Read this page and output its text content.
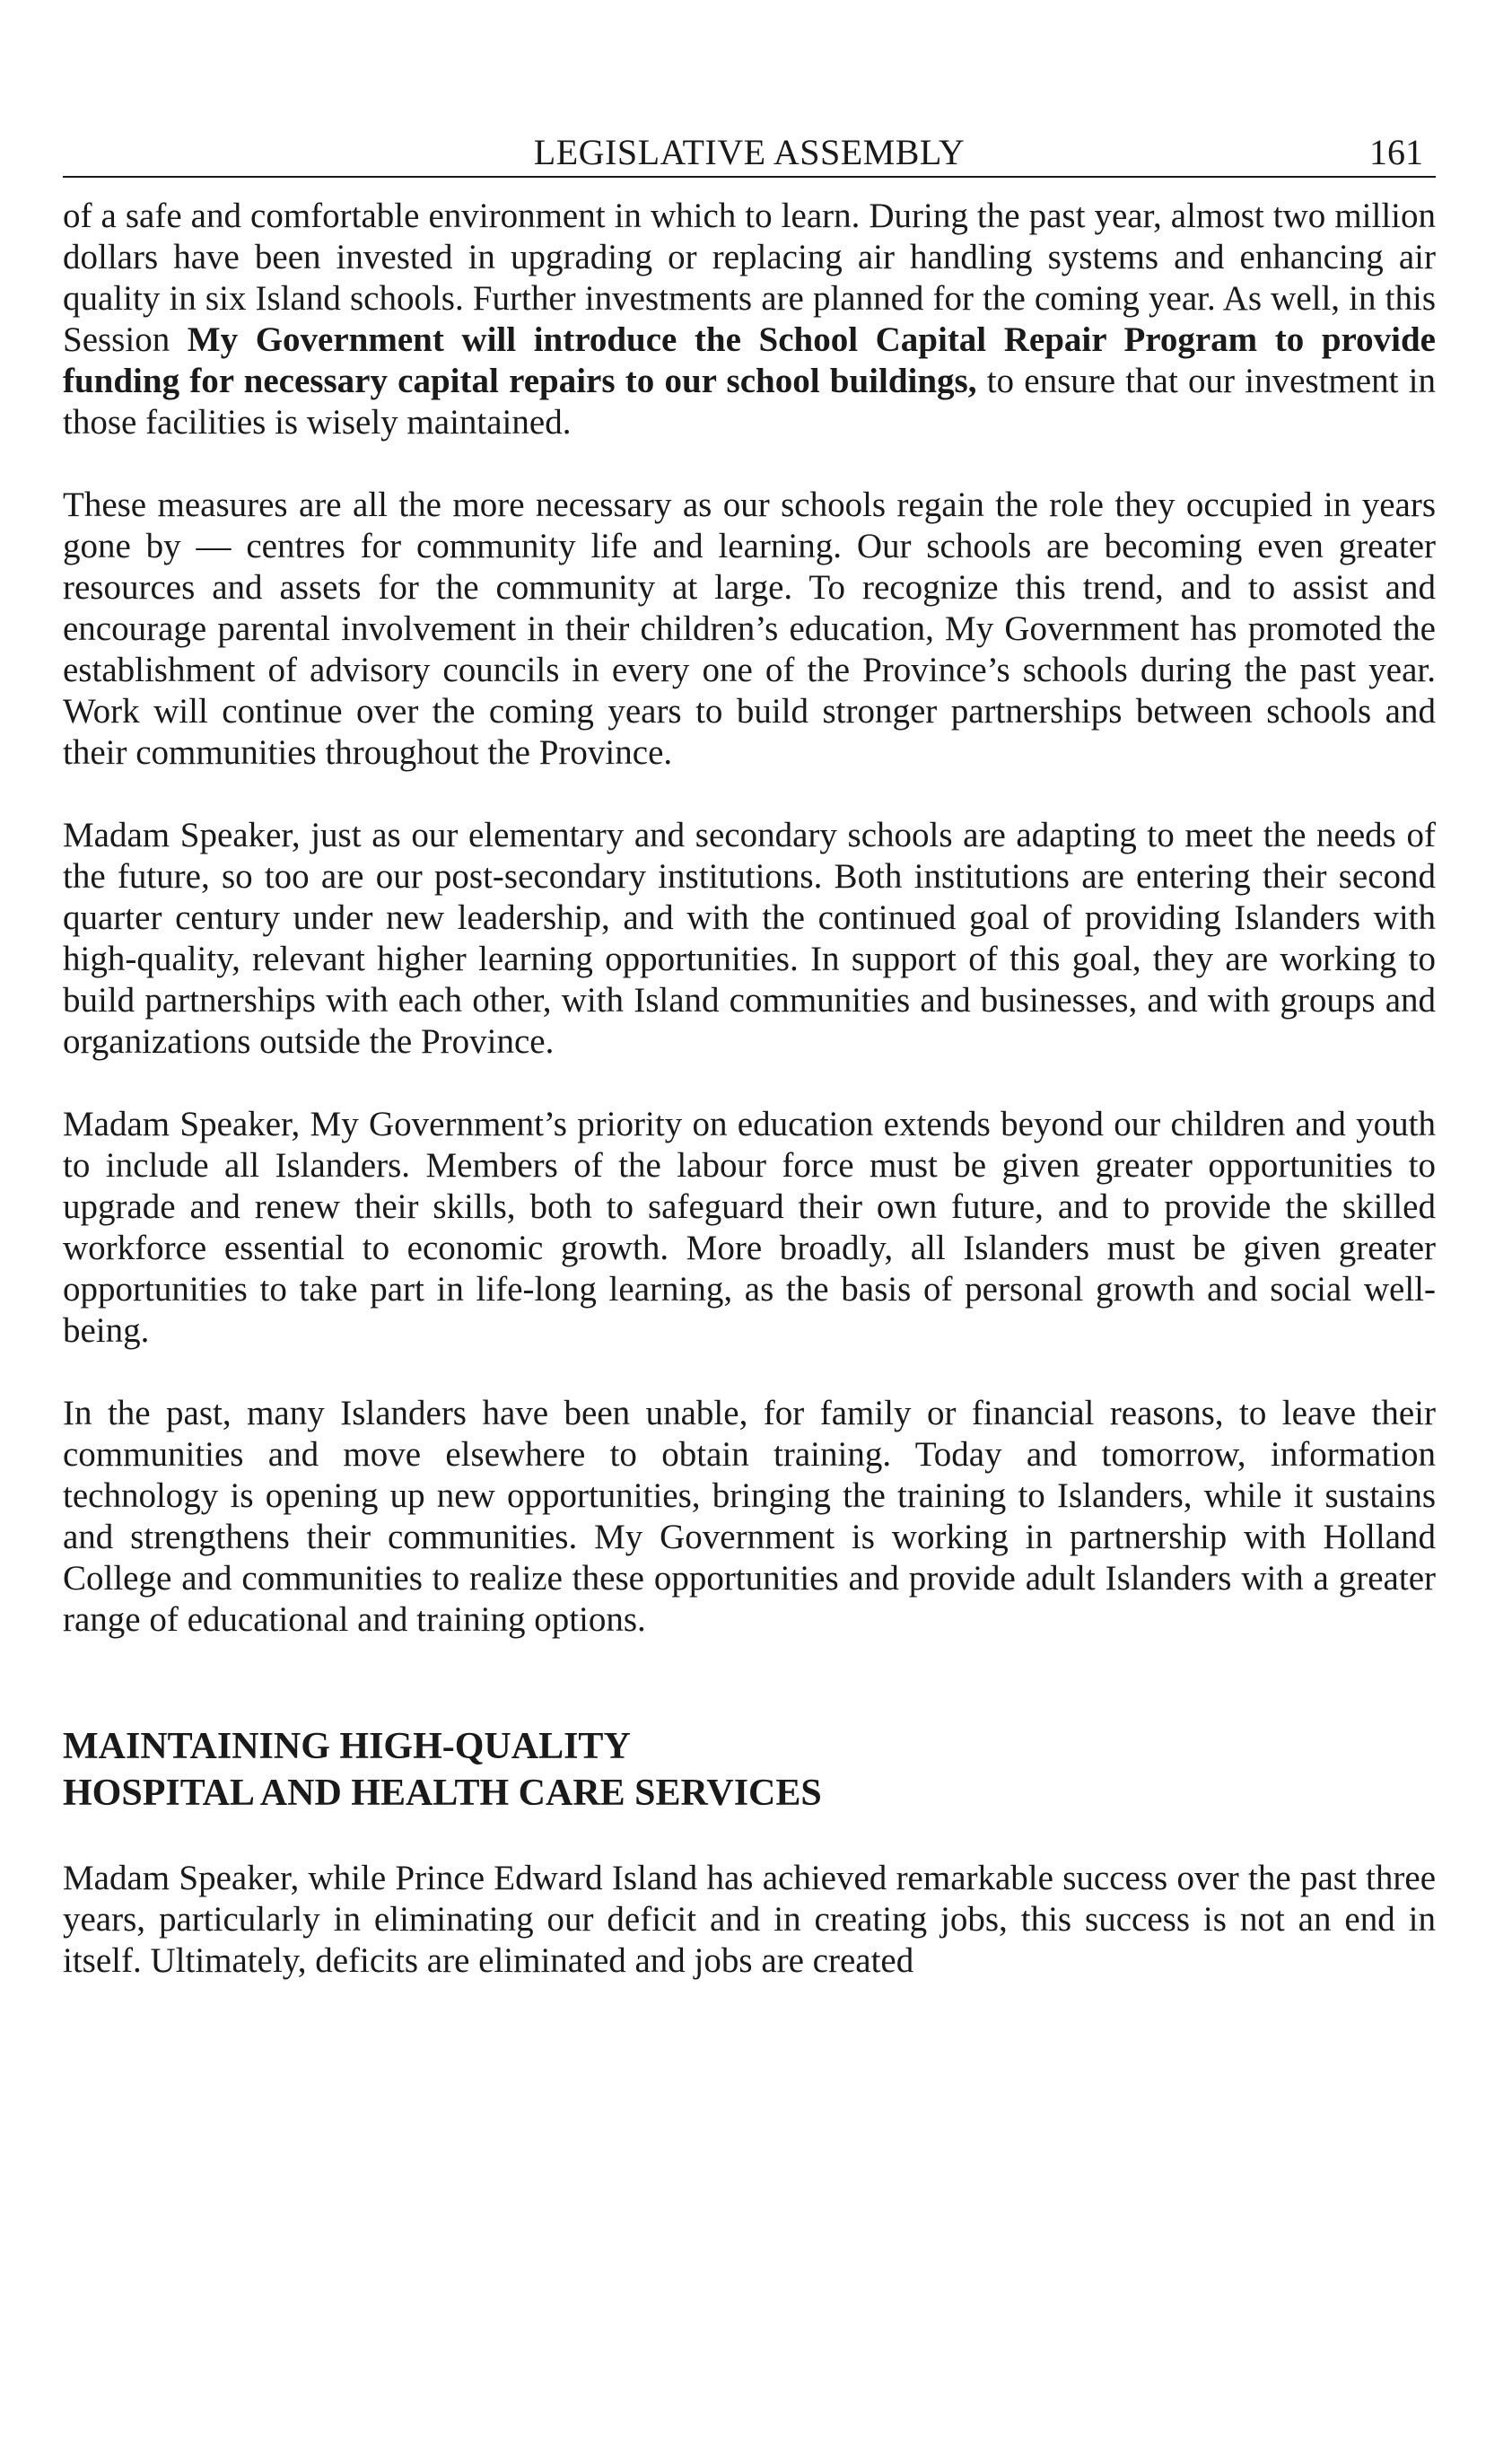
LEGISLATIVE ASSEMBLY	161

of a safe and comfortable environment in which to learn. During the past year, almost two million dollars have been invested in upgrading or replacing air handling systems and enhancing air quality in six Island schools. Further investments are planned for the coming year. As well, in this Session My Government will introduce the School Capital Repair Program to provide funding for necessary capital repairs to our school buildings, to ensure that our investment in those facilities is wisely maintained.

These measures are all the more necessary as our schools regain the role they occupied in years gone by — centres for community life and learning. Our schools are becoming even greater resources and assets for the community at large. To recognize this trend, and to assist and encourage parental involvement in their children’s education, My Government has promoted the establishment of advisory councils in every one of the Province’s schools during the past year. Work will continue over the coming years to build stronger partnerships between schools and their communities throughout the Province.

Madam Speaker, just as our elementary and secondary schools are adapting to meet the needs of the future, so too are our post-secondary institutions. Both institutions are entering their second quarter century under new leadership, and with the continued goal of providing Islanders with high-quality, relevant higher learning opportunities. In support of this goal, they are working to build partnerships with each other, with Island communities and businesses, and with groups and organizations outside the Province.

Madam Speaker, My Government’s priority on education extends beyond our children and youth to include all Islanders. Members of the labour force must be given greater opportunities to upgrade and renew their skills, both to safeguard their own future, and to provide the skilled workforce essential to economic growth. More broadly, all Islanders must be given greater opportunities to take part in life-long learning, as the basis of personal growth and social well-being.

In the past, many Islanders have been unable, for family or financial reasons, to leave their communities and move elsewhere to obtain training. Today and tomorrow, information technology is opening up new opportunities, bringing the training to Islanders, while it sustains and strengthens their communities. My Government is working in partnership with Holland College and communities to realize these opportunities and provide adult Islanders with a greater range of educational and training options.

MAINTAINING HIGH-QUALITY
HOSPITAL AND HEALTH CARE SERVICES

Madam Speaker, while Prince Edward Island has achieved remarkable success over the past three years, particularly in eliminating our deficit and in creating jobs, this success is not an end in itself. Ultimately, deficits are eliminated and jobs are created
